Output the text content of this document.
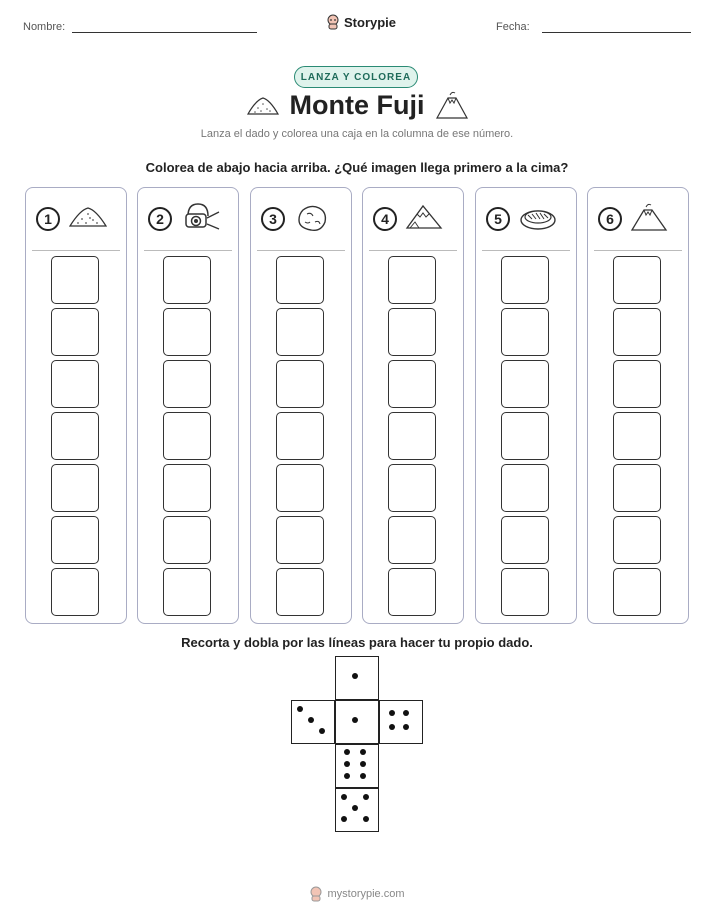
Nombre:	Storypie	Fecha:
LANZA Y COLOREA
Monte Fuji
Lanza el dado y colorea una caja en la columna de ese número.
Colorea de abajo hacia arriba. ¿Qué imagen llega primero a la cima?
1	2	3	4	5	6
Recorta y dobla por las líneas para hacer tu propio dado.
mystorypie.com
